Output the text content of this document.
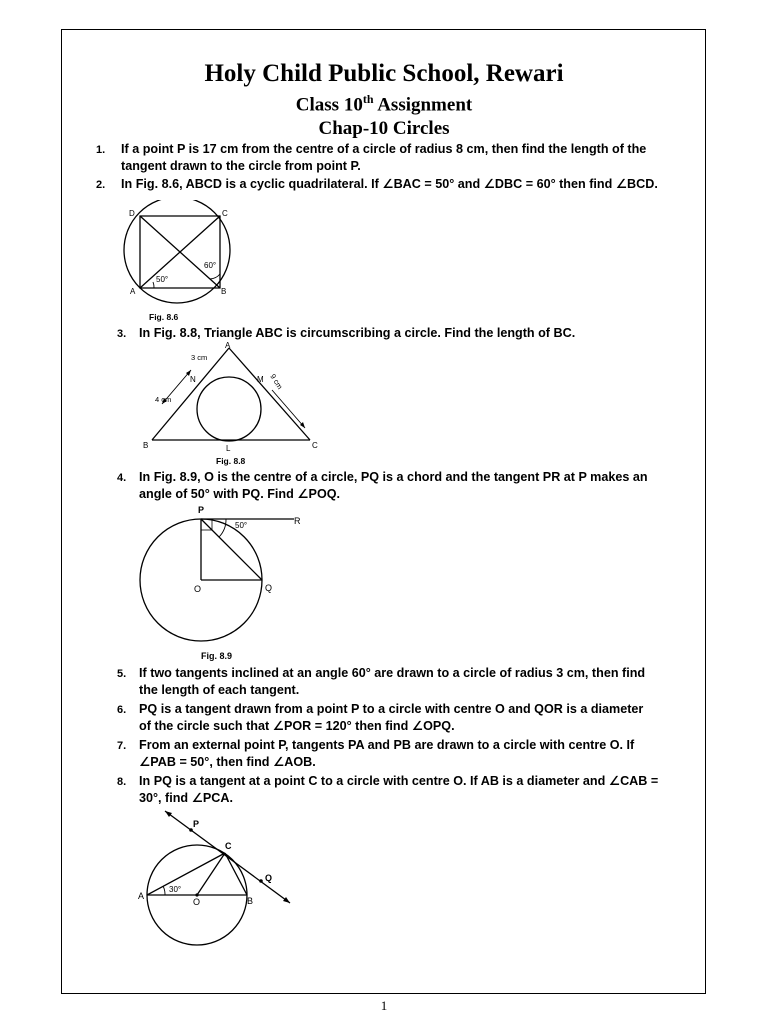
Holy Child Public School, Rewari
Class 10th Assignment
Chap-10 Circles
1. If a point P is 17 cm from the centre of a circle of radius 8 cm, then find the length of the
tangent drawn to the circle from point P.
2. In Fig. 8.6, ABCD is a cyclic quadrilateral. If ∠BAC = 50° and ∠DBC = 60° then find ∠BCD.
50°
60°
D	C
A	B
Fig. 8.6
3. In Fig. 8.8, Triangle ABC is circumscribing a circle. Find the length of BC.
A
B	C
L
M
N
3 cm
4 cm
9 cm
Fig. 8.8
4. In Fig. 8.9, O is the centre of a circle, PQ is a chord and the tangent PR at P makes an
angle of 50° with PQ. Find ∠POQ.
P
R
O	Q
50°
Fig. 8.9
5. If two tangents inclined at an angle 60° are drawn to a circle of radius 3 cm, then find
the length of each tangent.
6. PQ is a tangent drawn from a point P to a circle with centre O and QOR is a diameter
of the circle such that ∠POR = 120° then find ∠OPQ.
7. From an external point P, tangents PA and PB are drawn to a circle with centre O. If
∠PAB = 50°, then find ∠AOB.
8. In PQ is a tangent at a point C to a circle with centre O. If AB is a diameter and ∠CAB =
30°, find ∠PCA.
P
C
Q
A
O	B
30°
1
